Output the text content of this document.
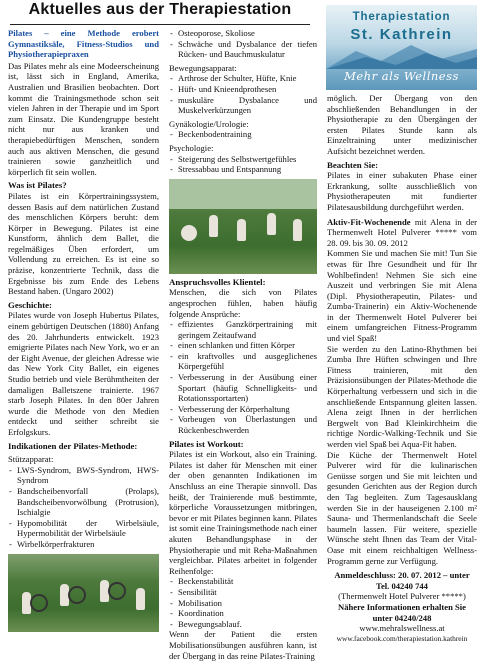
Aktuelles aus der Therapiestation

Pilates – eine Methode erobert Gymnastiksäle, Fitness-Studios und Physiotherapiepraxen

Das Pilates mehr als eine Modeerscheinung ist, lässt sich in England, Amerika, Australien und Brasilien beobachten. Dort kommt die Trainingsmethode schon seit vielen Jahren in der Therapie und im Sport zum Einsatz. Die Kundengruppe besteht nicht nur aus kranken und therapiebedürftigen Menschen, sondern auch aus aktiven Menschen, die gesund trainieren sowie ganzheitlich und körperlich fit sein wollen.

Was ist Pilates?

Pilates ist ein Körpertrainingssystem, dessen Basis auf dem natürlichen Zustand des menschlichen Körpers beruht: dem Körper in Bewegung. Pilates ist eine Kunstform, ähnlich dem Ballet, die regelmäßiges Üben erfordert, um Vollendung zu erreichen. Es ist eine so präzise, konzentrierte Technik, dass die Ergebnisse bis zum Ende des Lebens Bestand haben. (Ungaro 2002)

Geschichte:

Pilates wurde von Joseph Hubertus Pilates, einem gebürtigen Deutschen (1880) Anfang des 20. Jahrhunderts entwickelt. 1923 emigrierte Pilates nach New York, wo er an der Eight Avenue, der gleichen Adresse wie das New York City Ballet, ein eigenes Studio betrieb und viele Berühmtheiten der damaligen Balletszene trainierte. 1967 starb Joseph Pilates. In den 80er Jahren wurde die Methode von den Medien entdeckt und seither schreibt sie Erfolgskurs.

Indikationen der Pilates-Methode:

Stützapparat:

- LWS-Syndrom, BWS-Syndrom, HWS-Syndrom
- Bandscheibenvorfall (Prolaps), Bandscheibenvorwölbung (Protrusion), Ischialgie
- Hypomobilität der Wirbelsäule, Hypermobilität der Wirbelsäule
- Wirbelkörperfrakturen
- Osteoporose, Skoliose
- Schwäche und Dysbalance der tiefen Rücken- und Bauchmuskulatur

Bewegungsapparat:

- Arthrose der Schulter, Hüfte, Knie
- Hüft- und Knieendprothesen
- muskuläre Dysbalance und Muskelverkürzungen

Gynäkologie/Urologie:

- Beckenbodentraining

Psychologie:

- Steigerung des Selbstwertgefühles
- Stressabbau und Entspannung
Anspruchsvolles Klientel:

Menschen, die sich von Pilates angesprochen fühlen, haben häufig folgende Ansprüche:

- effizientes Ganzkörpertraining mit geringem Zeitaufwand
- einen schlanken und fitten Körper
- ein kraftvolles und ausgeglichenes Körpergefühl
- Verbesserung in der Ausübung einer Sportart (häufig Schnelligkeits- und Rotationssportarten)
- Verbesserung der Körperhaltung
- Vorbeugen von Überlastungen und Rückenbeschwerden
Pilates ist Workout:

Pilates ist ein Workout, also ein Training. Pilates ist daher für Menschen mit einer der oben genannten Indikationen im Anschluss an eine Therapie sinnvoll. Das heißt, der Trainierende muß bestimmte, körperliche Voraussetzungen mitbringen, bevor er mit Pilates beginnen kann. Pilates ist somit eine Trainingsmethode nach einer akuten Behandlungsphase in der Physiotherapie und mit Reha-Maßnahmen vergleichbar. Pilates arbeitet in folgender Reihenfolge:

- Beckenstabilität
- Sensibilität
- Mobilisation
- Koordination
- Bewegungsablauf.

Wenn der Patient die ersten Mobilisationsübungen ausführen kann, ist der Übergang in das reine Pilates-Training

Therapiestation
St. Kathrein
Mehr als Wellness

möglich. Der Übergang von den abschließenden Behandlungen in der Physiotherapie zu den Übergängen der ersten Pilates Stunde kann als Einzeltraining unter medizinischer Aufsicht bezeichnet werden.

Beachten Sie:

Pilates in einer subakuten Phase einer Erkrankung, sollte ausschließlich von Physiotherapeuten mit fundierter Pilatesausbildung durchgeführt werden.

Aktiv-Fit-Wochenende mit Alena in der Thermenwelt Hotel Pulverer ***** vom 28. 09. bis 30. 09. 2012

Kommen Sie und machen Sie mit! Tun Sie etwas für Ihre Gesundheit und für Ihr Wohlbefinden! Nehmen Sie sich eine Auszeit und verbringen Sie mit Alena (Dipl. Physiotherapeutin, Pilates- und Zumba-Trainerin) ein Aktiv-Wochenende in der Thermenwelt Hotel Pulverer bei einem umfangreichen Fitness-Programm und viel Spaß!

Sie werden zu den Latino-Rhythmen bei Zumba Ihre Hüften schwingen und Ihre Fitness trainieren, mit den Präzisionsübungen der Pilates-Methode die Körperhaltung verbessern und sich in die anschließende Entspannung gleiten lassen. Alena zeigt Ihnen in der herrlichen Bergwelt von Bad Kleinkirchheim die richtige Nordic-Walking-Technik und Sie werden viel Spaß bei Aqua-Fit haben.

Die Küche der Thermenwelt Hotel Pulverer wird für die kulinarischen Genüsse sorgen und Sie mit leichten und gesunden Gerichten aus der Region durch den Tag begleiten. Zum Tagesausklang werden Sie in der hauseigenen 2.100 m² Sauna- und Thermenlandschaft die Seele baumeln lassen. Für weitere, spezielle Wünsche steht Ihnen das Team der Vital-Oase mit einem reichhaltigen Wellness-Programm gerne zur Verfügung.

Anmeldeschluss: 20. 07. 2012 – unter Tel. 04240 744

(Thermenwelt Hotel Pulverer *****)

Nähere Informationen erhalten Sie unter 04240/248

www.mehralswellness.at

www.facebook.com/therapiestation.kathrein
